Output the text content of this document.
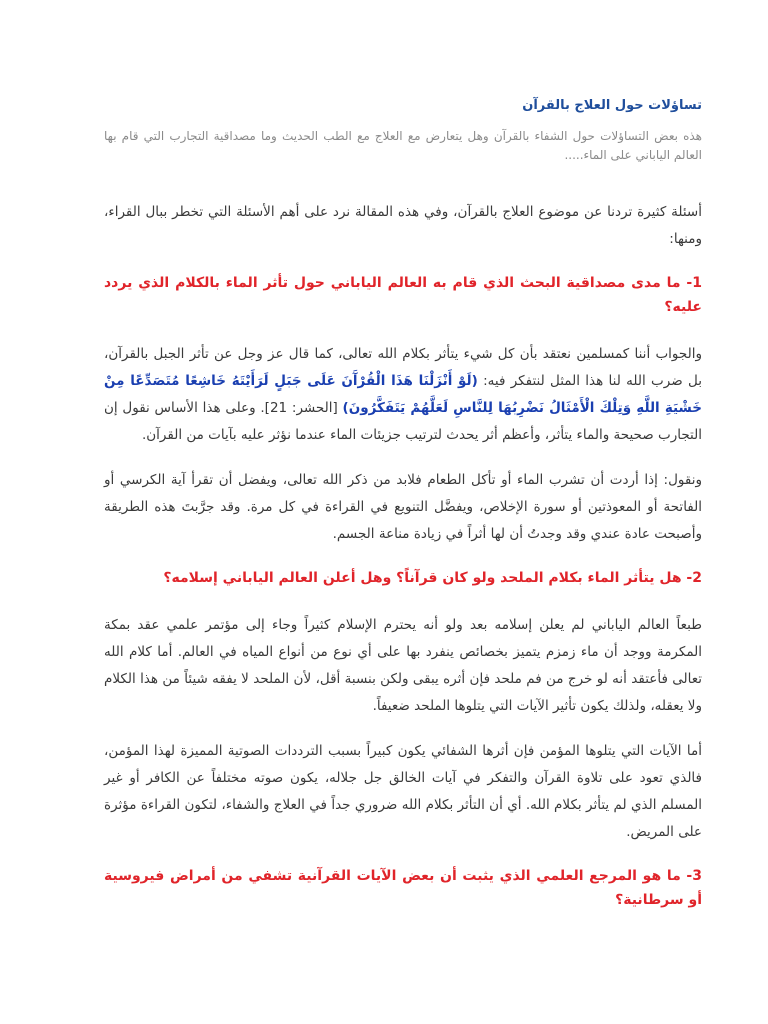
تساؤلات حول العلاج بالقرآن

هذه بعض التساؤلات حول الشفاء بالقرآن وهل يتعارض مع العلاج مع الطب الحديث وما مصداقية التجارب التي قام بها العالم الياباني على الماء.....

أسئلة كثيرة تردنا عن موضوع العلاج بالقرآن، وفي هذه المقالة نرد على أهم الأسئلة التي تخطر ببال القراء، ومنها:

1- ما مدى مصداقية البحث الذي قام به العالم الياباني حول تأثر الماء بالكلام الذي يردد عليه؟

والجواب أننا كمسلمين نعتقد بأن كل شيء يتأثر بكلام الله تعالى، كما قال عز وجل عن تأثر الجبل بالقرآن، بل ضرب الله لنا هذا المثل لنتفكر فيه: (لَوْ أَنْزَلْنَا هَذَا الْقُرْآَنَ عَلَى جَبَلٍ لَرَأَيْتَهُ خَاشِعًا مُتَصَدِّعًا مِنْ خَشْيَةِ اللَّهِ وَتِلْكَ الْأَمْثَالُ نَضْرِبُهَا لِلنَّاسِ لَعَلَّهُمْ يَتَفَكَّرُونَ) [الحشر: 21]. وعلى هذا الأساس نقول إن التجارب صحيحة والماء يتأثر، وأعظم أثر يحدث لترتيب جزيئات الماء عندما نؤثر عليه بآيات من القرآن.

ونقول: إذا أردت أن تشرب الماء أو تأكل الطعام فلابد من ذكر الله تعالى، ويفضل أن تقرأ آية الكرسي أو الفاتحة أو المعوذتين أو سورة الإخلاص، ويفضَّل التنويع في القراءة في كل مرة. وقد جرَّبتَ هذه الطريقة وأصبحت عادة عندي وقد وجدتُ أن لها أثراً في زيادة مناعة الجسم.

2- هل يتأثر الماء بكلام الملحد ولو كان قرآناً؟ وهل أعلن العالم الياباني إسلامه؟

طبعاً العالم الياباني لم يعلن إسلامه بعد ولو أنه يحترم الإسلام كثيراً وجاء إلى مؤتمر علمي عقد بمكة المكرمة ووجد أن ماء زمزم يتميز بخصائص ينفرد بها على أي نوع من أنواع المياه في العالم. أما كلام الله تعالى فأعتقد أنه لو خرج من فم ملحد فإن أثره يبقى ولكن بنسبة أقل، لأن الملحد لا يفقه شيئاً من هذا الكلام ولا يعقله، ولذلك يكون تأثير الآيات التي يتلوها الملحد ضعيفاً.

أما الآيات التي يتلوها المؤمن فإن أثرها الشفائي يكون كبيراً بسبب الترددات الصوتية المميزة لهذا المؤمن، فالذي تعود على تلاوة القرآن والتفكر في آيات الخالق جل جلاله، يكون صوته مختلفاً عن الكافر أو غير المسلم الذي لم يتأثر بكلام الله. أي أن التأثر بكلام الله ضروري جداً في العلاج والشفاء، لتكون القراءة مؤثرة على المريض.

3- ما هو المرجع العلمي الذي يثبت أن بعض الآيات القرآنية تشفي من أمراض فيروسية أو سرطانية؟
